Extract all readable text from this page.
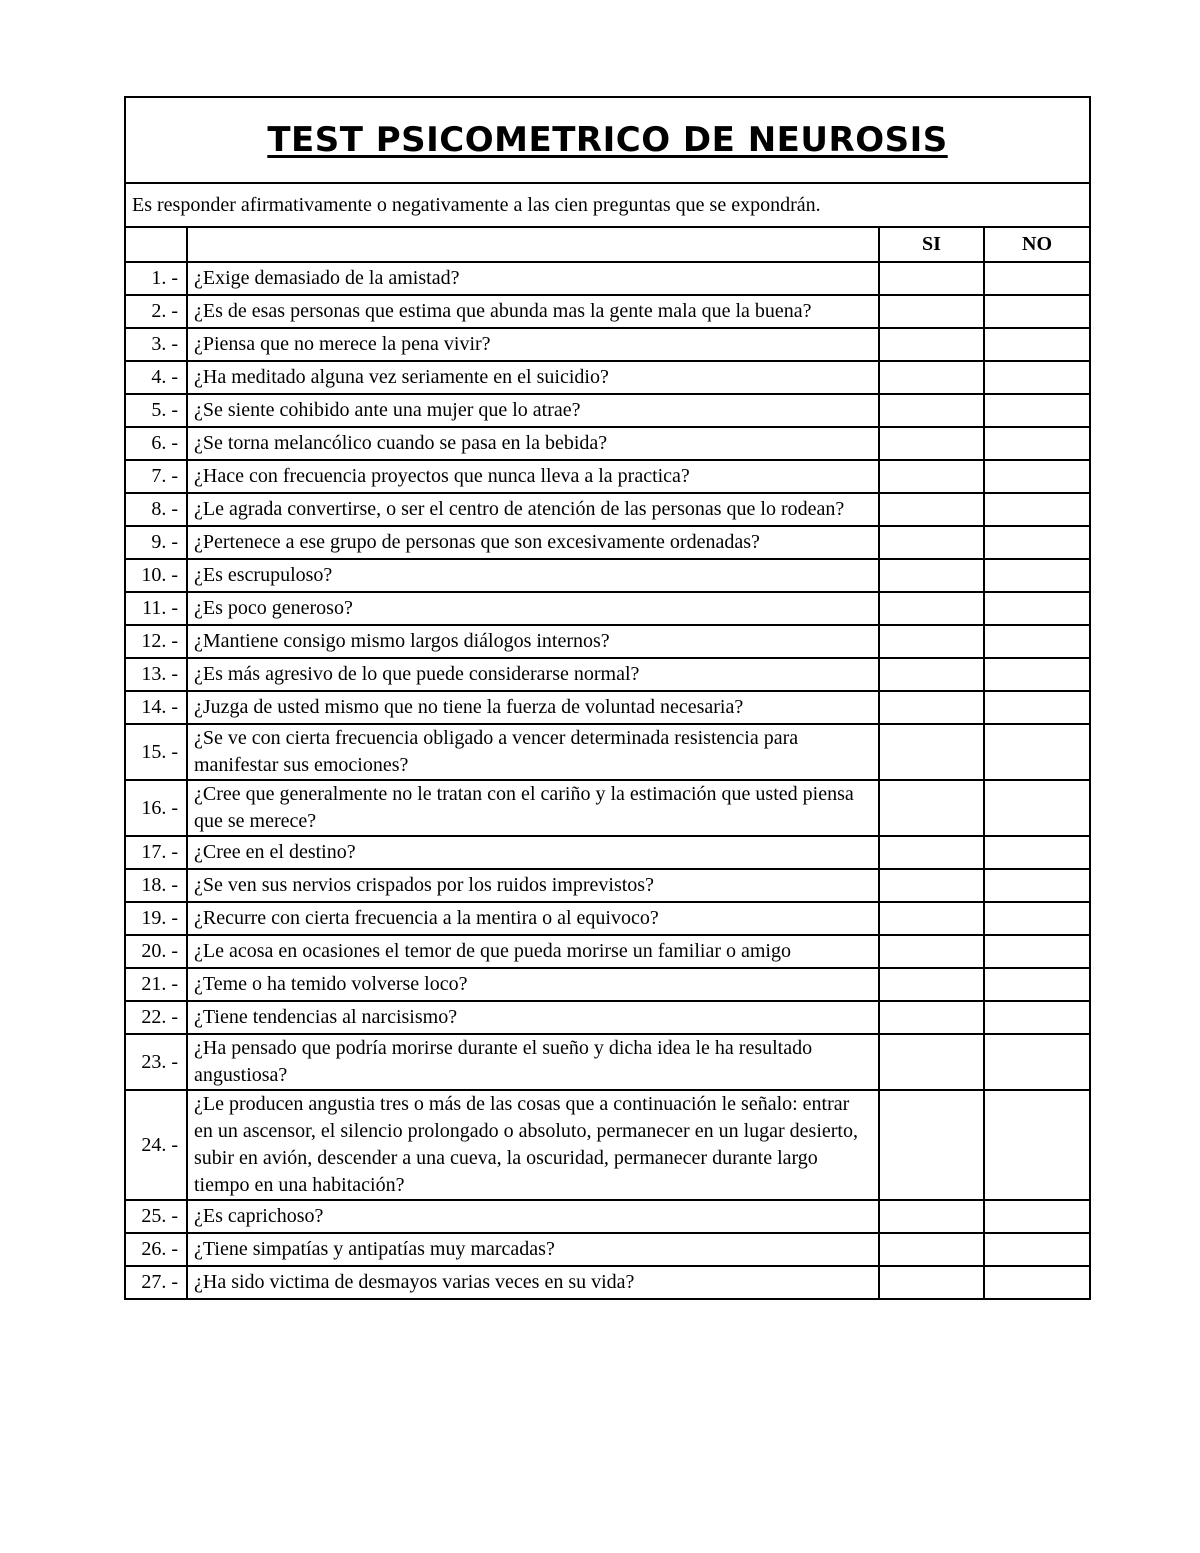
TEST PSICOMETRICO DE NEUROSIS			
Es responder afirmativamente o negativamente a las cien preguntas que se expondrán.			
		SI	NO
1. -	¿Exige demasiado de la amistad?		
2. -	¿Es de esas personas que estima que abunda mas la gente mala que la buena?		
3. -	¿Piensa que no merece la pena vivir?		
4. -	¿Ha meditado alguna vez seriamente en el suicidio?		
5. -	¿Se siente cohibido ante una mujer que lo atrae?		
6. -	¿Se torna melancólico cuando se pasa en la bebida?		
7. -	¿Hace con frecuencia proyectos que nunca lleva a la practica?		
8. -	¿Le agrada convertirse, o ser el centro de atención de las personas que lo rodean?		
9. -	¿Pertenece a ese grupo de personas que son excesivamente ordenadas?		
10. -	¿Es escrupuloso?		
11. -	¿Es poco generoso?		
12. -	¿Mantiene consigo mismo largos diálogos internos?		
13. -	¿Es más agresivo de lo que puede considerarse normal?		
14. -	¿Juzga de usted mismo que no tiene la fuerza de voluntad necesaria?		
15. -	¿Se ve con cierta frecuencia obligado a vencer determinada resistencia para manifestar sus emociones?		
16. -	¿Cree que generalmente no le tratan con el cariño y la estimación que usted piensa que se merece?		
17. -	¿Cree en el destino?		
18. -	¿Se ven sus nervios crispados por los ruidos imprevistos?		
19. -	¿Recurre con cierta frecuencia a la mentira o al equivoco?		
20. -	¿Le acosa en ocasiones el temor de que pueda morirse un familiar o amigo		
21. -	¿Teme o ha temido volverse loco?		
22. -	¿Tiene tendencias al narcisismo?		
23. -	¿Ha pensado que podría morirse durante el sueño y dicha idea le ha resultado angustiosa?		
24. -	¿Le producen angustia tres o más de las cosas que a continuación le señalo: entrar en un ascensor, el silencio prolongado o absoluto, permanecer en un lugar desierto, subir en avión, descender a una cueva, la oscuridad, permanecer durante largo tiempo en una habitación?		
25. -	¿Es caprichoso?		
26. -	¿Tiene simpatías y antipatías muy marcadas?		
27. -	¿Ha sido victima de desmayos varias veces en su vida?		
